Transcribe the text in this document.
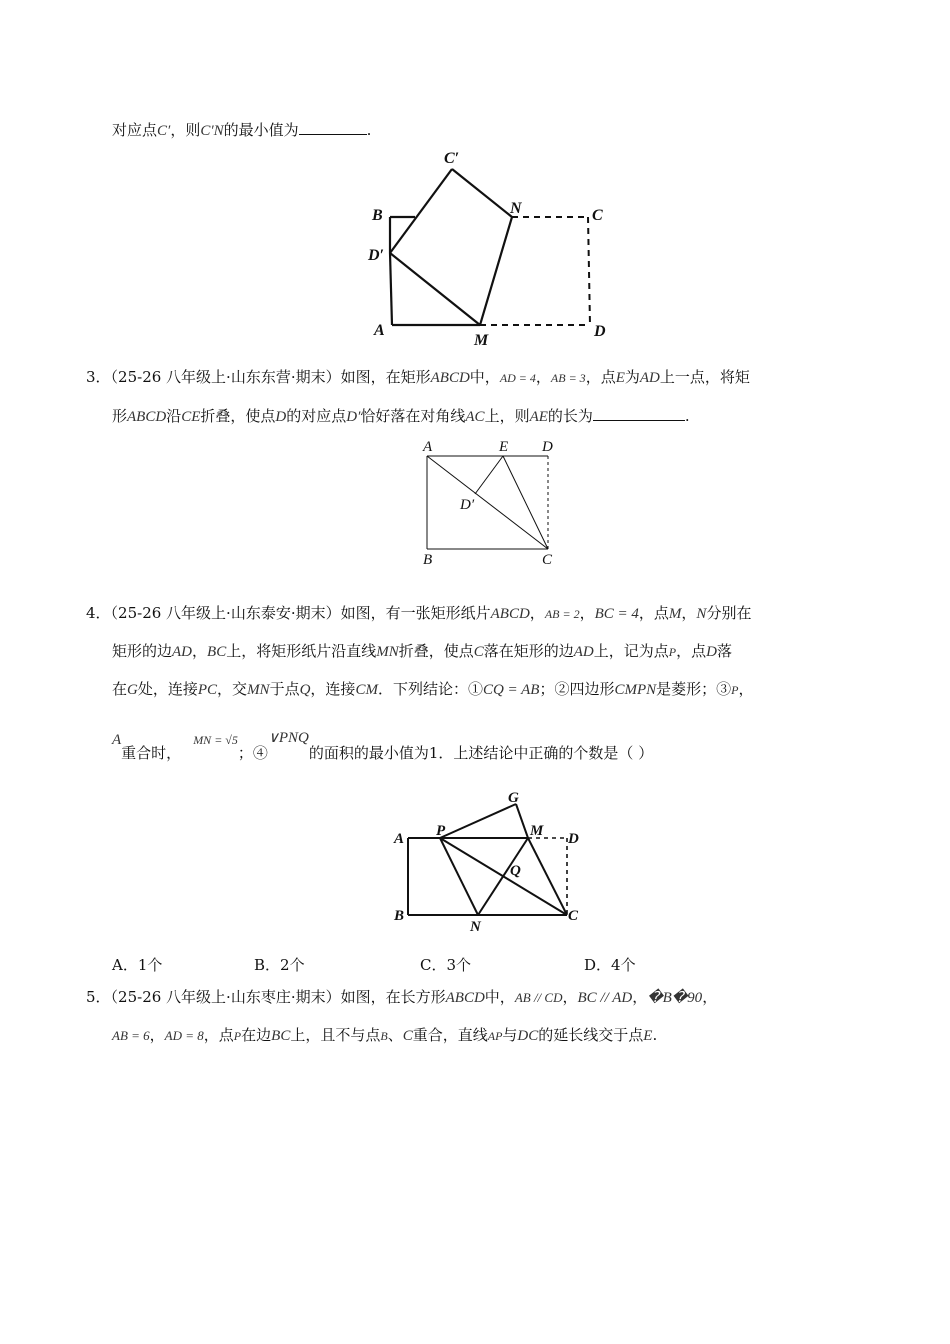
对应点C′，则C′N的最小值为	.
C′
B	N	C
D′
A
M
D
3．（25-26 八年级上·山东东营·期末）如图，在矩形ABCD中，AD = 4，AB = 3，点E为AD上一点，将矩
形ABCD沿CE折叠，使点D的对应点D′恰好落在对角线AC上，则AE的长为	.
A	E D
D′
B	C
4．（25-26 八年级上·山东泰安·期末）如图，有一张矩形纸片ABCD，AB = 2，BC = 4，点M，N分别在
矩形的边AD，BC上，将矩形纸片沿直线MN折叠，使点C落在矩形的边AD上，记为点P，点D落
在G处，连接PC，交MN于点Q，连接CM．下列结论：①CQ = AB；②四边形CMPN是菱形；③P，
A重合时，$^{MN = √5}$；④∨PNQ的面积的最小值为1．上述结论中正确的个数是（ ）
G
A P	M D
Q
B
N
C
A．1个	B．2个	C．3个	D．4个
5．（25-26 八年级上·山东枣庄·期末）如图，在长方形ABCD中，AB // CD，BC // AD，�B�90，
AB = 6，AD = 8，点P在边BC上，且不与点B、C重合，直线AP与DC的延长线交于点E.
